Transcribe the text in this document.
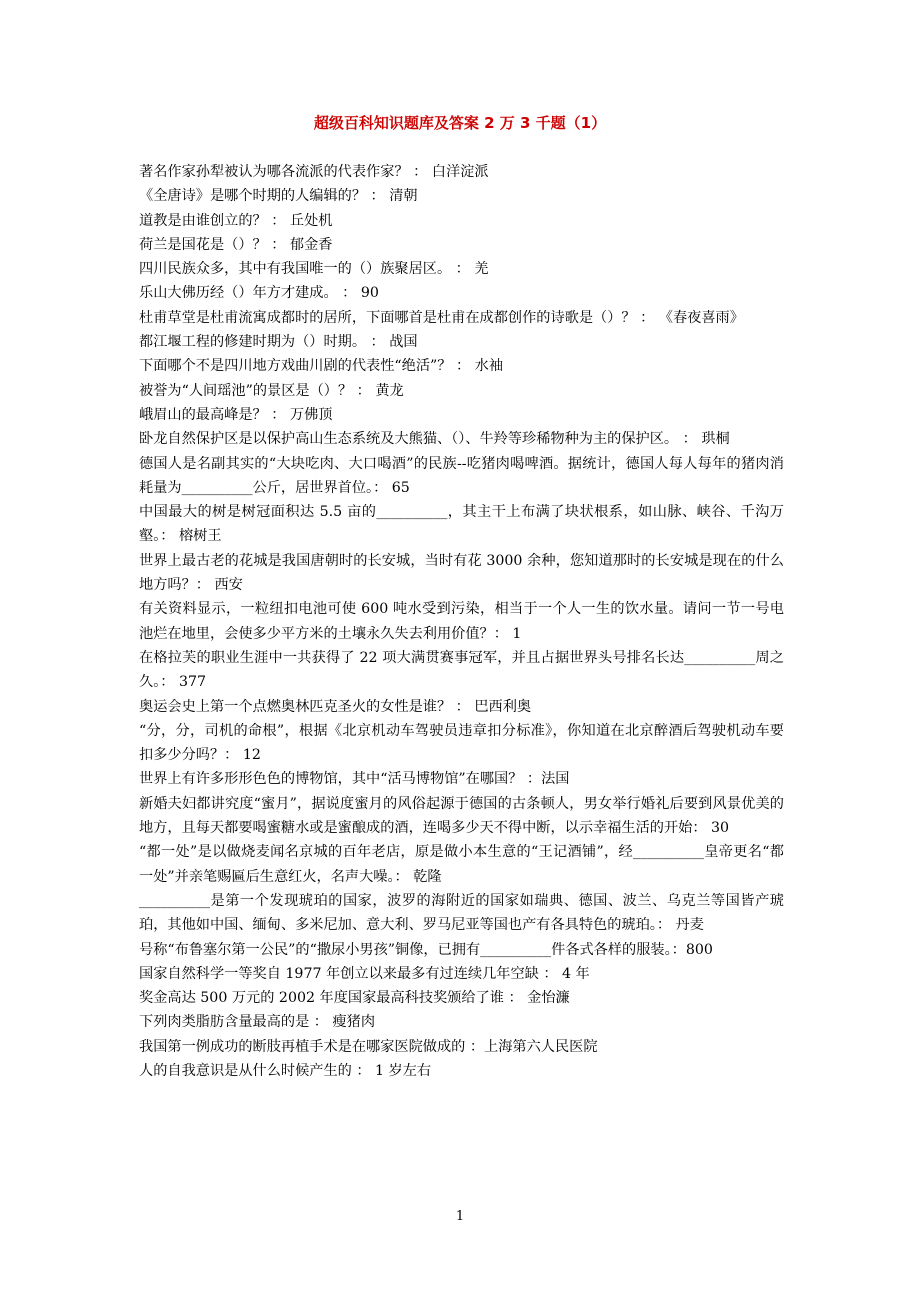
超级百科知识题库及答案 2 万 3 千题（1）

著名作家孙犁被认为哪各流派的代表作家？ ： 白洋淀派

《全唐诗》是哪个时期的人编辑的？ ： 清朝

道教是由谁创立的？ ： 丘处机

荷兰是国花是（）？ ： 郁金香

四川民族众多，其中有我国唯一的（）族聚居区。 ： 羌

乐山大佛历经（）年方才建成。 ： 90

杜甫草堂是杜甫流寓成都时的居所，下面哪首是杜甫在成都创作的诗歌是（）？ ： 《春夜喜雨》

都江堰工程的修建时期为（）时期。 ： 战国

下面哪个不是四川地方戏曲川剧的代表性“绝活”？ ： 水袖

被誉为“人间瑶池”的景区是（）？ ： 黄龙

峨眉山的最高峰是？ ： 万佛顶

卧龙自然保护区是以保护高山生态系统及大熊猫、（）、牛羚等珍稀物种为主的保护区。 ： 珙桐

德国人是名副其实的“大块吃肉、大口喝酒”的民族--吃猪肉喝啤酒。据统计，德国人每人每年的猪肉消耗量为__________公斤，居世界首位。： 65

中国最大的树是树冠面积达 5.5 亩的__________，其主干上布满了块状根系，如山脉、峡谷、千沟万壑。： 榕树王

世界上最古老的花城是我国唐朝时的长安城，当时有花 3000 余种，您知道那时的长安城是现在的什么地方吗？： 西安

有关资料显示，一粒纽扣电池可使 600 吨水受到污染，相当于一个人一生的饮水量。请问一节一号电池烂在地里，会使多少平方米的土壤永久失去利用价值？： 1

在格拉芙的职业生涯中一共获得了 22 项大满贯赛事冠军，并且占据世界头号排名长达__________周之久。： 377

奥运会史上第一个点燃奥林匹克圣火的女性是谁？ ： 巴西利奥

“分，分，司机的命根”，根据《北京机动车驾驶员违章扣分标准》，你知道在北京醉酒后驾驶机动车要扣多少分吗？： 12

世界上有许多形形色色的博物馆，其中“活马博物馆”在哪国？ ：法国

新婚夫妇都讲究度“蜜月”，据说度蜜月的风俗起源于德国的古条顿人，男女举行婚礼后要到风景优美的地方，且每天都要喝蜜糖水或是蜜酿成的酒，连喝多少天不得中断，以示幸福生活的开始： 30

“都一处”是以做烧麦闻名京城的百年老店，原是做小本生意的“王记酒铺”，经__________皇帝更名“都一处”并亲笔赐匾后生意红火，名声大噪。： 乾隆

__________是第一个发现琥珀的国家，波罗的海附近的国家如瑞典、德国、波兰、乌克兰等国皆产琥珀，其他如中国、缅甸、多米尼加、意大利、罗马尼亚等国也产有各具特色的琥珀。： 丹麦

号称“布鲁塞尔第一公民”的“撒尿小男孩”铜像，已拥有__________件各式各样的服装。：800

国家自然科学一等奖自 1977 年创立以来最多有过连续几年空缺 ： 4 年

奖金高达 500 万元的 2002 年度国家最高科技奖颁给了谁 ： 金怡濂

下列肉类脂肪含量最高的是 ： 瘦猪肉

我国第一例成功的断肢再植手术是在哪家医院做成的 ：上海第六人民医院

人的自我意识是从什么时候产生的 ： 1 岁左右

1
